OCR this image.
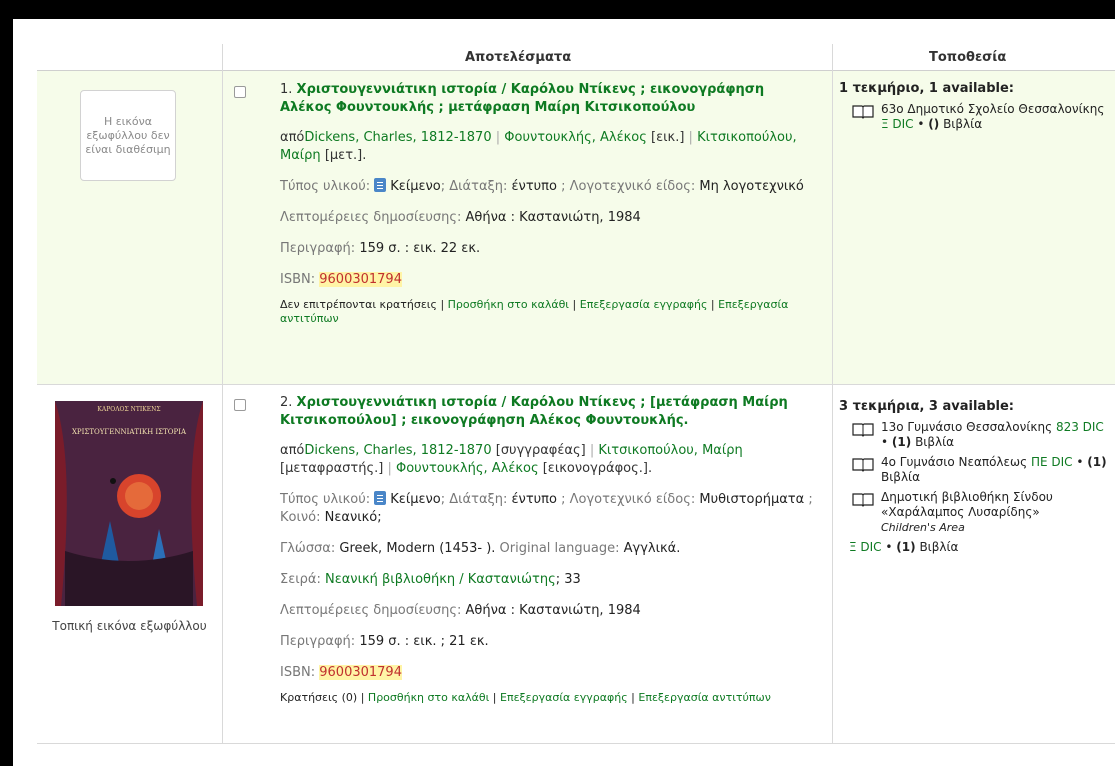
Αποτελέσματα	Τοποθεσία
Η εικόνα εξωφύλλου δεν είναι διαθέσιμη
1. Χριστουγεννιάτικη ιστορία / Καρόλου Ντίκενς ; εικονογράφηση Αλέκος Φουντουκλής ; μετάφραση Μαίρη Κιτσικοπούλου
απόDickens, Charles, 1812-1870 | Φουντουκλής, Αλέκος [εικ.] | Κιτσικοπούλου, Μαίρη [μετ.].
Τύπος υλικού: Κείμενο; Διάταξη: έντυπο ; Λογοτεχνικό είδος: Μη λογοτεχνικό
Λεπτομέρειες δημοσίευσης: Αθήνα : Καστανιώτη, 1984
Περιγραφή: 159 σ. : εικ. 22 εκ.
ISBN: 9600301794
Δεν επιτρέπονται κρατήσεις | Προσθήκη στο καλάθι | Επεξεργασία εγγραφής | Επεξεργασία αντιτύπων
1 τεκμήριο, 1 available:
63ο Δημοτικό Σχολείο Θεσσαλονίκης Ξ DIC • () Βιβλία
ΚΑΡΟΛΟΣ ΝΤΙΚΕΝΣ
ΧΡΙΣΤΟΥΓΕΝΝΙΑΤΙΚΗ ΙΣΤΟΡΙΑ
Τοπική εικόνα εξωφύλλου
2. Χριστουγεννιάτικη ιστορία / Καρόλου Ντίκενς ; [μετάφραση Μαίρη Κιτσικοπούλου] ; εικονογράφηση Αλέκος Φουντουκλής.
απόDickens, Charles, 1812-1870 [συγγραφέας] | Κιτσικοπούλου, Μαίρη [μεταφραστής.] | Φουντουκλής, Αλέκος [εικονογράφος.].
Τύπος υλικού: Κείμενο; Διάταξη: έντυπο ; Λογοτεχνικό είδος: Μυθιστορήματα ; Κοινό: Νεανικό;
Γλώσσα: Greek, Modern (1453- ). Original language: Αγγλικά.
Σειρά: Νεανική βιβλιοθήκη / Καστανιώτης; 33
Λεπτομέρειες δημοσίευσης: Αθήνα : Καστανιώτη, 1984
Περιγραφή: 159 σ. : εικ. ; 21 εκ.
ISBN: 9600301794
Κρατήσεις (0) | Προσθήκη στο καλάθι | Επεξεργασία εγγραφής | Επεξεργασία αντιτύπων
3 τεκμήρια, 3 available:
13ο Γυμνάσιο Θεσσαλονίκης 823 DIC • (1) Βιβλία
4ο Γυμνάσιο Νεαπόλεως ΠΕ DIC • (1) Βιβλία
Δημοτική βιβλιοθήκη Σίνδου «Χαράλαμπος Λυσαρίδης»
Children's Area
Ξ DIC • (1) Βιβλία
